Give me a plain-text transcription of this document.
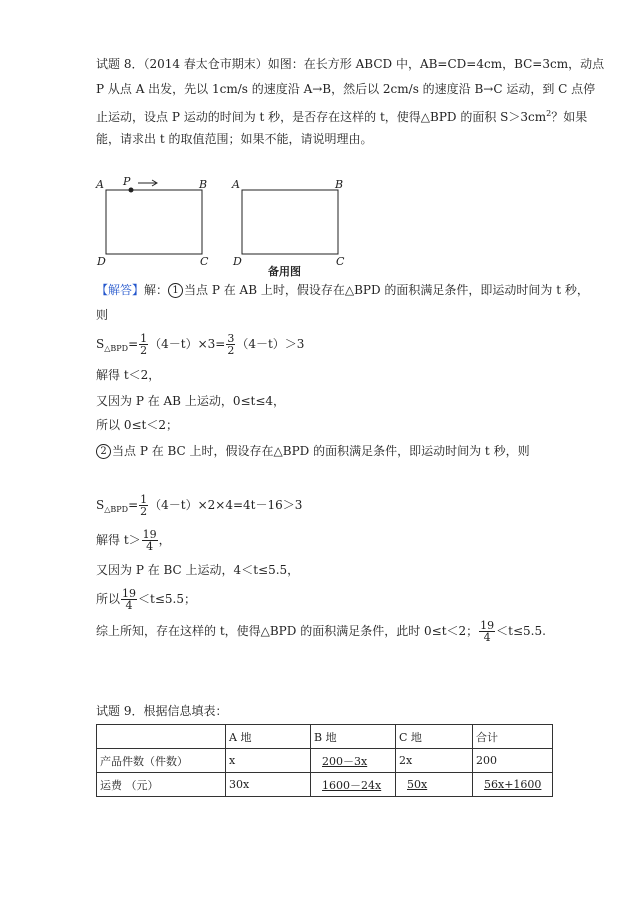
试题 8．（2014 春太仓市期末）如图：在长方形 ABCD 中，AB=CD=4cm，BC=3cm，动点
P 从点 A 出发，先以 1cm/s 的速度沿 A→B，然后以 2cm/s 的速度沿 B→C 运动，到 C 点停
止运动，设点 P 运动的时间为 t 秒，是否存在这样的 t，使得△BPD 的面积 $S>3cm^2$？如果
能，请求出 t 的取值范围；如果不能，请说明理由。
A	B
D	C
P	A	B
D	C
备用图
【解答】解： 1 当点 P 在 AB 上时，假设存在△BPD 的面积满足条件，即运动时间为 t 秒，
则
$S_{\triangle BPD}= \frac{1}{2} (4-t)\times 3= \frac{3}{2} (4-t)>3$
解得 t＜2，
又因为 P 在 AB 上运动，0≤t≤4，
所以 0≤t＜2；
2 当点 P 在 BC 上时，假设存在△BPD 的面积满足条件，即运动时间为 t 秒，则
$S_{\triangle BPD}= \frac{1}{2} (4-t)\times 2\times 4=4t-16>3$
解得 $t> \frac{19}{4}$ ，
又因为 P 在 BC 上运动，4＜t≤5.5，
所以 $\frac{19}{4} <t\le 5.5$；
综上所知，存在这样的 t，使得△BPD 的面积满足条件，此时 0≤t＜2； $\frac{19}{4} <t\le 5.5$.
试题 9．根据信息填表：
	A 地	B 地	C 地	合计
产品件数（件数）	x	200－3x	2x	200
运费 （元）	30x	1600－24x	50x	56x+1600
